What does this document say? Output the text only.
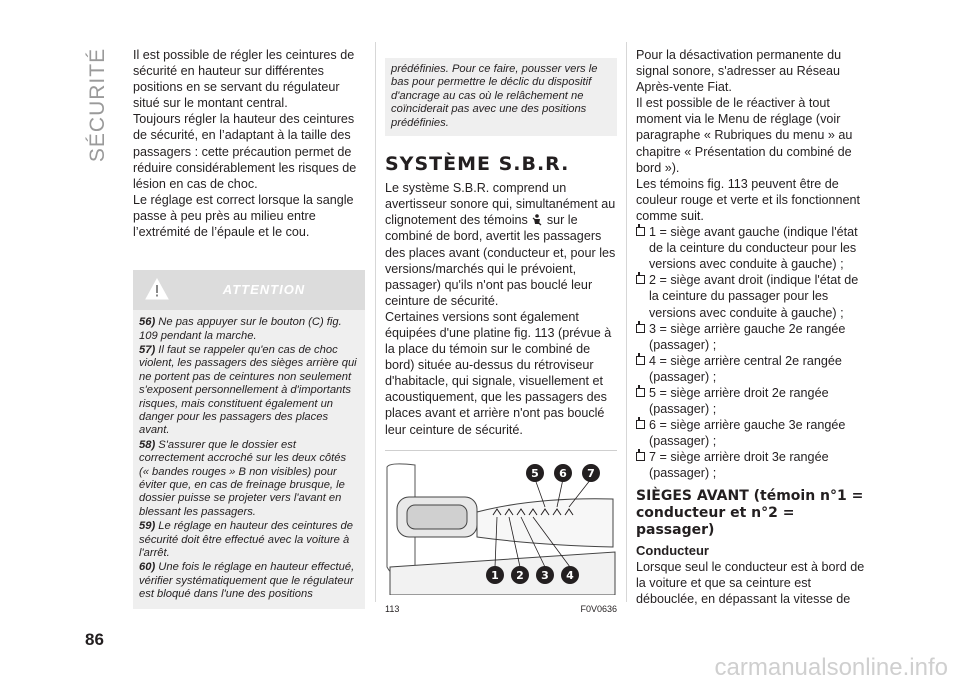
SÉCURITÉ Il est possible de régler les ceintures de sécurité en hauteur sur différentes positions en se servant du régulateur situé sur le montant central.

Toujours régler la hauteur des ceintures de sécurité, en l’adaptant à la taille des passagers : cette précaution permet de réduire considérablement les risques de lésion en cas de choc.

Le réglage est correct lorsque la sangle passe à peu près au milieu entre l’extrémité de l’épaule et le cou.

ATTENTION

56) Ne pas appuyer sur le bouton (C) fig. 109 pendant la marche.

57) Il faut se rappeler qu'en cas de choc violent, les passagers des sièges arrière qui ne portent pas de ceintures non seulement s'exposent personnellement à d'importants risques, mais constituent également un danger pour les passagers des places avant.

58) S'assurer que le dossier est correctement accroché sur les deux côtés (« bandes rouges » B non visibles) pour éviter que, en cas de freinage brusque, le dossier puisse se projeter vers l'avant en blessant les passagers.

59) Le réglage en hauteur des ceintures de sécurité doit être effectué avec la voiture à l'arrêt.

60) Une fois le réglage en hauteur effectué, vérifier systématiquement que le régulateur est bloqué dans l'une des positions

prédéfinies. Pour ce faire, pousser vers le bas pour permettre le déclic du dispositif d'ancrage au cas où le relâchement ne coïnciderait pas avec une des positions prédéfinies.
SYSTÈME S.B.R.

Le système S.B.R. comprend un avertisseur sonore qui, simultanément au clignotement des témoins sur le combiné de bord, avertit les passagers des places avant (conducteur et, pour les versions/marchés qui le prévoient, passager) qu'ils n'ont pas bouclé leur ceinture de sécurité.

Certaines versions sont également équipées d'une platine fig. 113 (prévue à la place du témoin sur le combiné de bord) située au-dessus du rétroviseur d'habitacle, qui signale, visuellement et acoustiquement, que les passagers des places avant et arrière n'ont pas bouclé leur ceinture de sécurité.

5 6 7
1 2 3 4
113	F0V0636

Pour la désactivation permanente du signal sonore, s'adresser au Réseau Après-vente Fiat.

Il est possible de le réactiver à tout moment via le Menu de réglage (voir paragraphe « Rubriques du menu » au chapitre « Présentation du combiné de bord »).

Les témoins fig. 113 peuvent être de couleur rouge et verte et ils fonctionnent comme suit.

1 = siège avant gauche (indique l'état de la ceinture du conducteur pour les versions avec conduite à gauche) ;
2 = siège avant droit (indique l'état de la ceinture du passager pour les versions avec conduite à gauche) ;
3 = siège arrière gauche 2e rangée (passager) ;
4 = siège arrière central 2e rangée (passager) ;
5 = siège arrière droit 2e rangée (passager) ;
6 = siège arrière gauche 3e rangée (passager) ;
7 = siège arrière droit 3e rangée (passager) ;
SIÈGES AVANT (témoin n°1 = conducteur et n°2 = passager)
Conducteur

Lorsque seul le conducteur est à bord de la voiture et que sa ceinture est débouclée, en dépassant la vitesse de

86
carmanualsonline.info
